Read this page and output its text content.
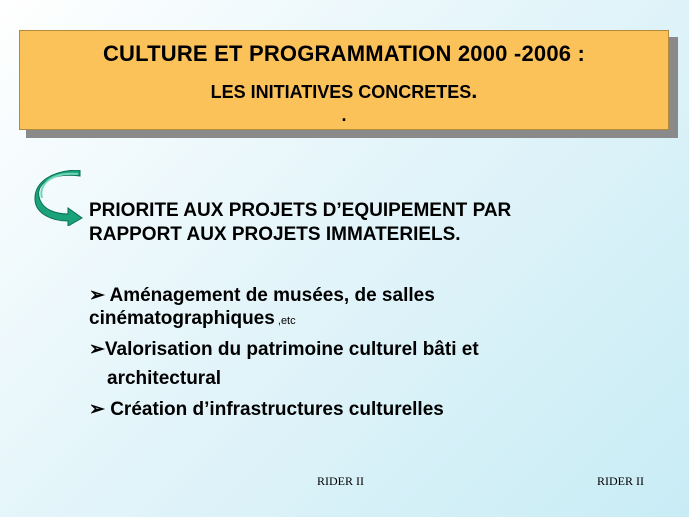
CULTURE ET PROGRAMMATION 2000 -2006 :
LES INITIATIVES CONCRETES.
.
PRIORITE AUX PROJETS D’EQUIPEMENT PAR
RAPPORT AUX PROJETS IMMATERIELS.
➢ Aménagement de musées, de salles
cinématographiques ,etc
➢Valorisation du patrimoine culturel bâti et
architectural
➢ Création d’infrastructures culturelles
RIDER II	RIDER II
